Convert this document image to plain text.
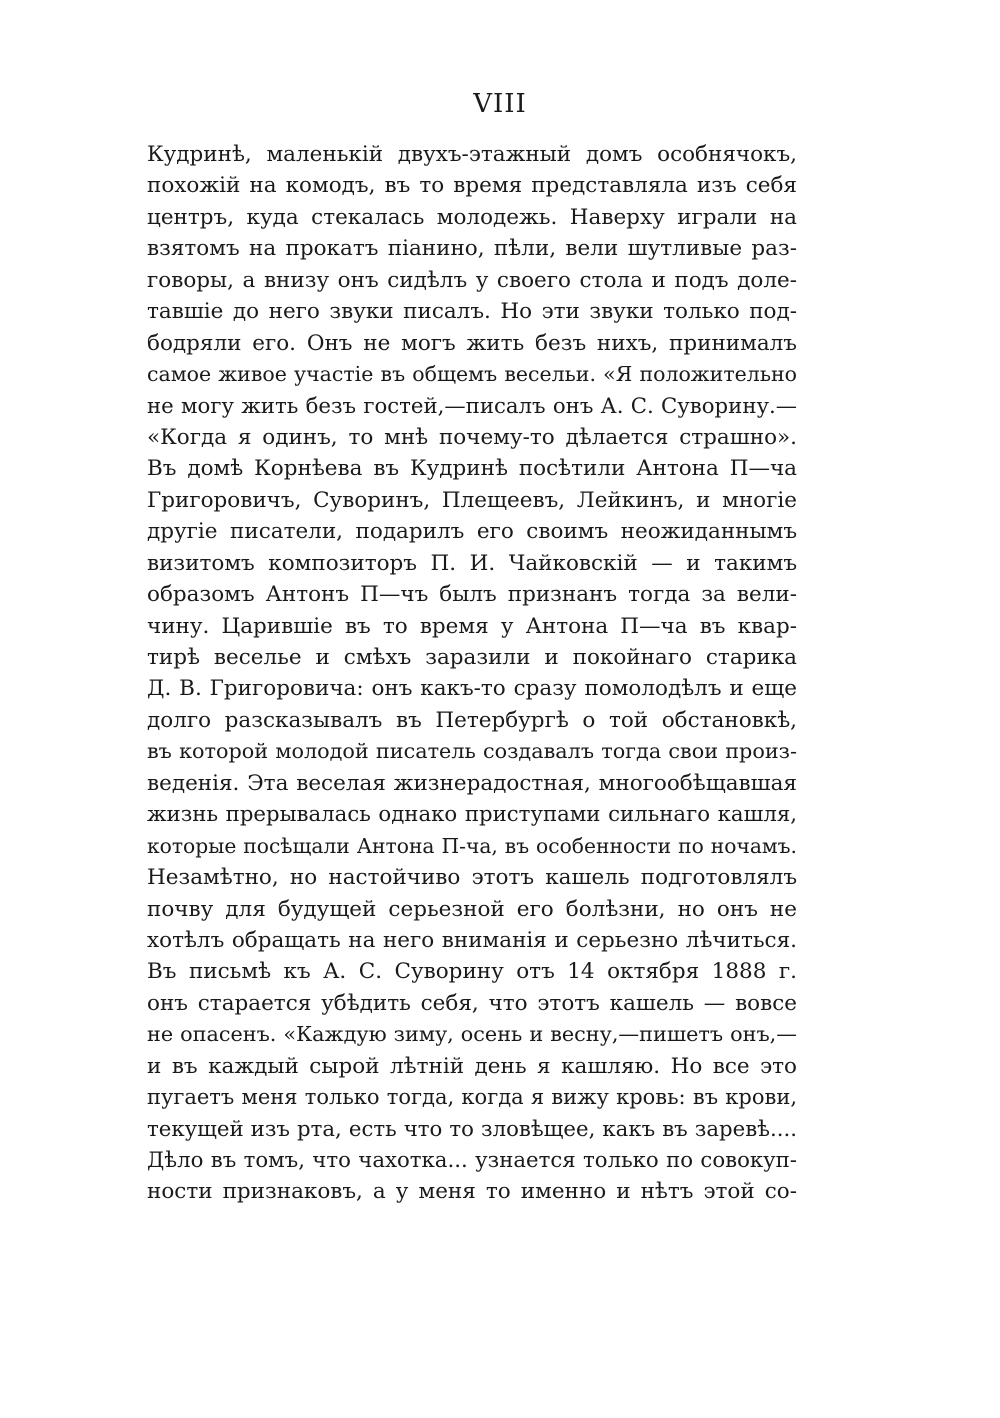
VIII
Кудринѣ, маленькій двухъ-этажный домъ особнячокъ,
похожій на комодъ, въ то время представляла изъ себя
центръ, куда стекалась молодежь. Наверху играли на
взятомъ на прокатъ піанино, пѣли, вели шутливые раз-
говоры, а внизу онъ сидѣлъ у своего стола и подъ доле-
тавшіе до него звуки писалъ. Но эти звуки только под-
бодряли его. Онъ не могъ жить безъ нихъ, принималъ
самое живое участіе въ общемъ весельи. «Я положительно
не могу жить безъ гостей,—писалъ онъ А. С. Суворину.—
«Когда я одинъ, то мнѣ почему-то дѣлается страшно».
Въ домѣ Корнѣева въ Кудринѣ посѣтили Антона П—ча
Григоровичъ, Суворинъ, Плещеевъ, Лейкинъ, и многіе
другіе писатели, подарилъ его своимъ неожиданнымъ
визитомъ композиторъ П. И. Чайковскій — и такимъ
образомъ Антонъ П—чъ былъ признанъ тогда за вели-
чину. Царившіе въ то время у Антона П—ча въ квар-
тирѣ веселье и смѣхъ заразили и покойнаго старика
Д. В. Григоровича: онъ какъ-то сразу помолодѣлъ и еще
долго разсказывалъ въ Петербургѣ о той обстановкѣ,
въ которой молодой писатель создавалъ тогда свои произ-
веденія. Эта веселая жизнерадостная, многообѣщавшая
жизнь прерывалась однако приступами сильнаго кашля,
которые посѣщали Антона П-ча, въ особенности по ночамъ.
Незамѣтно, но настойчиво этотъ кашель подготовлялъ
почву для будущей серьезной его болѣзни, но онъ не
хотѣлъ обращать на него вниманія и серьезно лѣчиться.
Въ письмѣ къ А. С. Суворину отъ 14 октября 1888 г.
онъ старается убѣдить себя, что этотъ кашель — вовсе
не опасенъ. «Каждую зиму, осень и весну,—пишетъ онъ,—
и въ каждый сырой лѣтній день я кашляю. Но все это
пугаетъ меня только тогда, когда я вижу кровь: въ крови,
текущей изъ рта, есть что то зловѣщее, какъ въ заревѣ....
Дѣло въ томъ, что чахотка... узнается только по совокуп-
ности признаковъ, а у меня то именно и нѣтъ этой со-
